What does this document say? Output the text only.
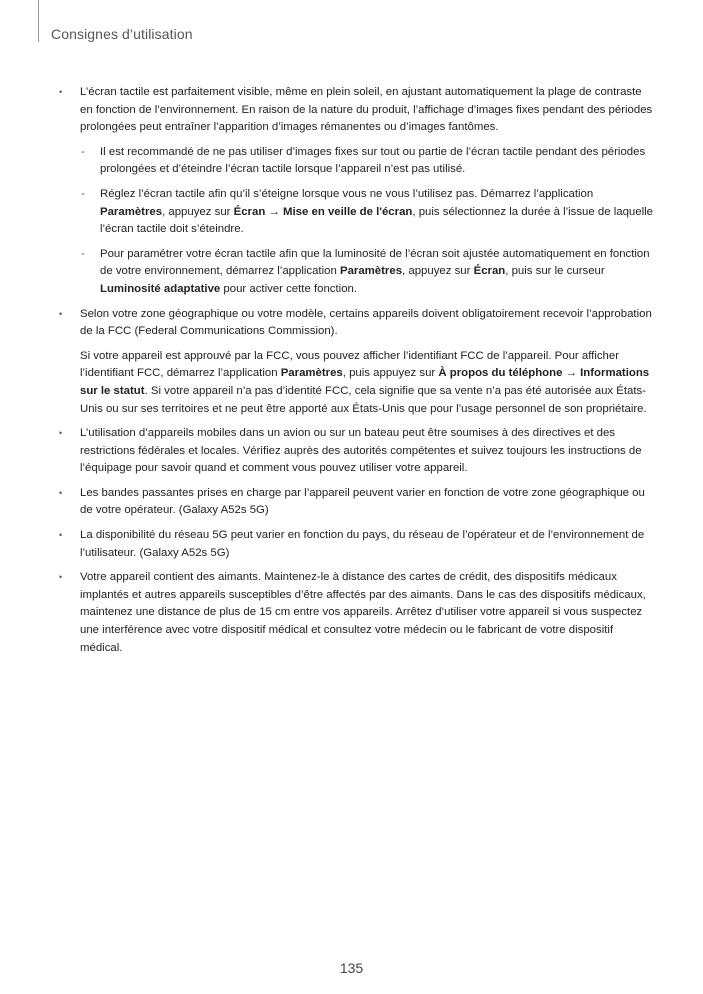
Consignes d’utilisation

• L’écran tactile est parfaitement visible, même en plein soleil, en ajustant automatiquement la plage de contraste en fonction de l’environnement. En raison de la nature du produit, l’affichage d’images fixes pendant des périodes prolongées peut entraîner l’apparition d’images rémanentes ou d’images fantômes.

- Il est recommandé de ne pas utiliser d’images fixes sur tout ou partie de l’écran tactile pendant des périodes prolongées et d’éteindre l’écran tactile lorsque l’appareil n’est pas utilisé.
- Réglez l’écran tactile afin qu’il s’éteigne lorsque vous ne vous l’utilisez pas. Démarrez l’application Paramètres, appuyez sur Écran → Mise en veille de l'écran, puis sélectionnez la durée à l’issue de laquelle l’écran tactile doit s’éteindre.
- Pour paramétrer votre écran tactile afin que la luminosité de l’écran soit ajustée automatiquement en fonction de votre environnement, démarrez l’application Paramètres, appuyez sur Écran, puis sur le curseur Luminosité adaptative pour activer cette fonction.

• Selon votre zone géographique ou votre modèle, certains appareils doivent obligatoirement recevoir l’approbation de la FCC (Federal Communications Commission).

Si votre appareil est approuvé par la FCC, vous pouvez afficher l’identifiant FCC de l’appareil. Pour afficher l’identifiant FCC, démarrez l’application Paramètres, puis appuyez sur À propos du téléphone → Informations sur le statut. Si votre appareil n’a pas d’identité FCC, cela signifie que sa vente n’a pas été autorisée aux États-Unis ou sur ses territoires et ne peut être apporté aux États-Unis que pour l’usage personnel de son propriétaire.

• L’utilisation d’appareils mobiles dans un avion ou sur un bateau peut être soumises à des directives et des restrictions fédérales et locales. Vérifiez auprès des autorités compétentes et suivez toujours les instructions de l’équipage pour savoir quand et comment vous pouvez utiliser votre appareil.

• Les bandes passantes prises en charge par l’appareil peuvent varier en fonction de votre zone géographique ou de votre opérateur. (Galaxy A52s 5G)

• La disponibilité du réseau 5G peut varier en fonction du pays, du réseau de l’opérateur et de l’environnement de l’utilisateur. (Galaxy A52s 5G)

• Votre appareil contient des aimants. Maintenez-le à distance des cartes de crédit, des dispositifs médicaux implantés et autres appareils susceptibles d’être affectés par des aimants. Dans le cas des dispositifs médicaux, maintenez une distance de plus de 15 cm entre vos appareils. Arrêtez d’utiliser votre appareil si vous suspectez une interférence avec votre dispositif médical et consultez votre médecin ou le fabricant de votre dispositif médical.

135
